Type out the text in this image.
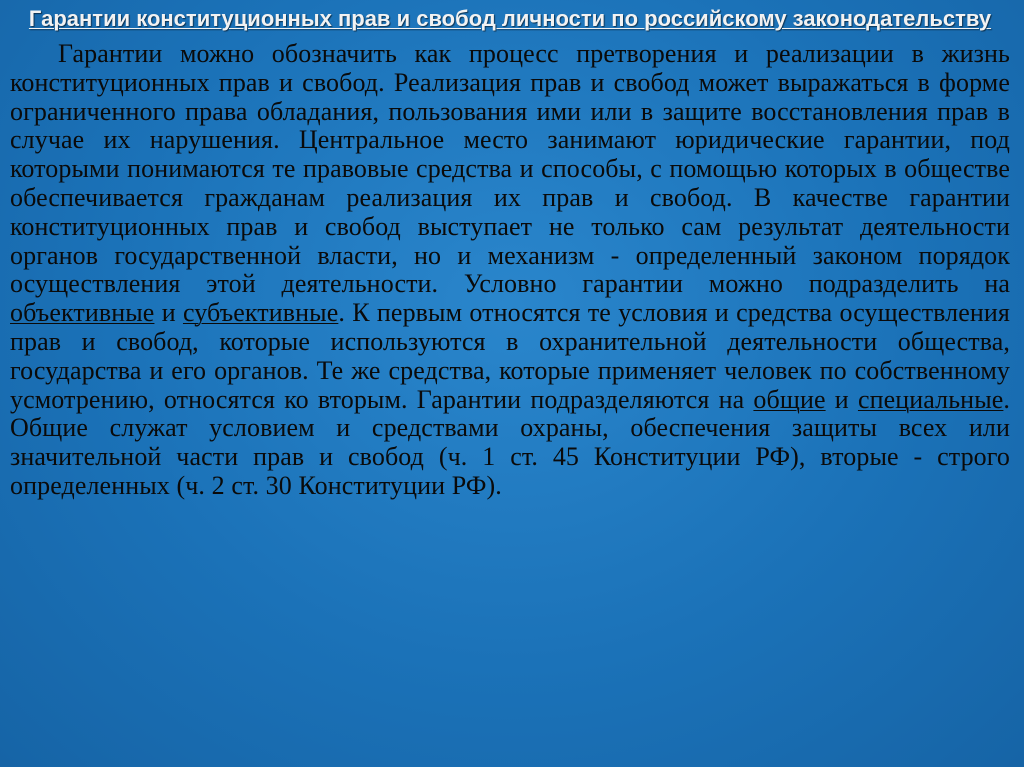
Гарантии конституционных прав и свобод личности по российскому законодательству

Гарантии можно обозначить как процесс претворения и реализации в жизнь конституционных прав и свобод. Реализация прав и свобод может выражаться в форме ограниченного права обладания, пользования ими или в защите восстановления прав в случае их нарушения. Центральное место занимают юридические гарантии, под которыми понимаются те правовые средства и способы, с помощью которых в обществе обеспечивается гражданам реализация их прав и свобод. В качестве гарантии конституционных прав и свобод выступает не только сам результат деятельности органов государственной власти, но и механизм - определенный законом порядок осуществления этой деятельности. Условно гарантии можно подразделить на объективные и субъективные. К первым относятся те условия и средства осуществления прав и свобод, которые используются в охранительной деятельности общества, государства и его органов. Те же средства, которые применяет человек по собственному усмотрению, относятся ко вторым. Гарантии подразделяются на общие и специальные. Общие служат условием и средствами охраны, обеспечения защиты всех или значительной части прав и свобод (ч. 1 ст. 45 Конституции РФ), вторые - строго определенных (ч. 2 ст. 30 Конституции РФ).
